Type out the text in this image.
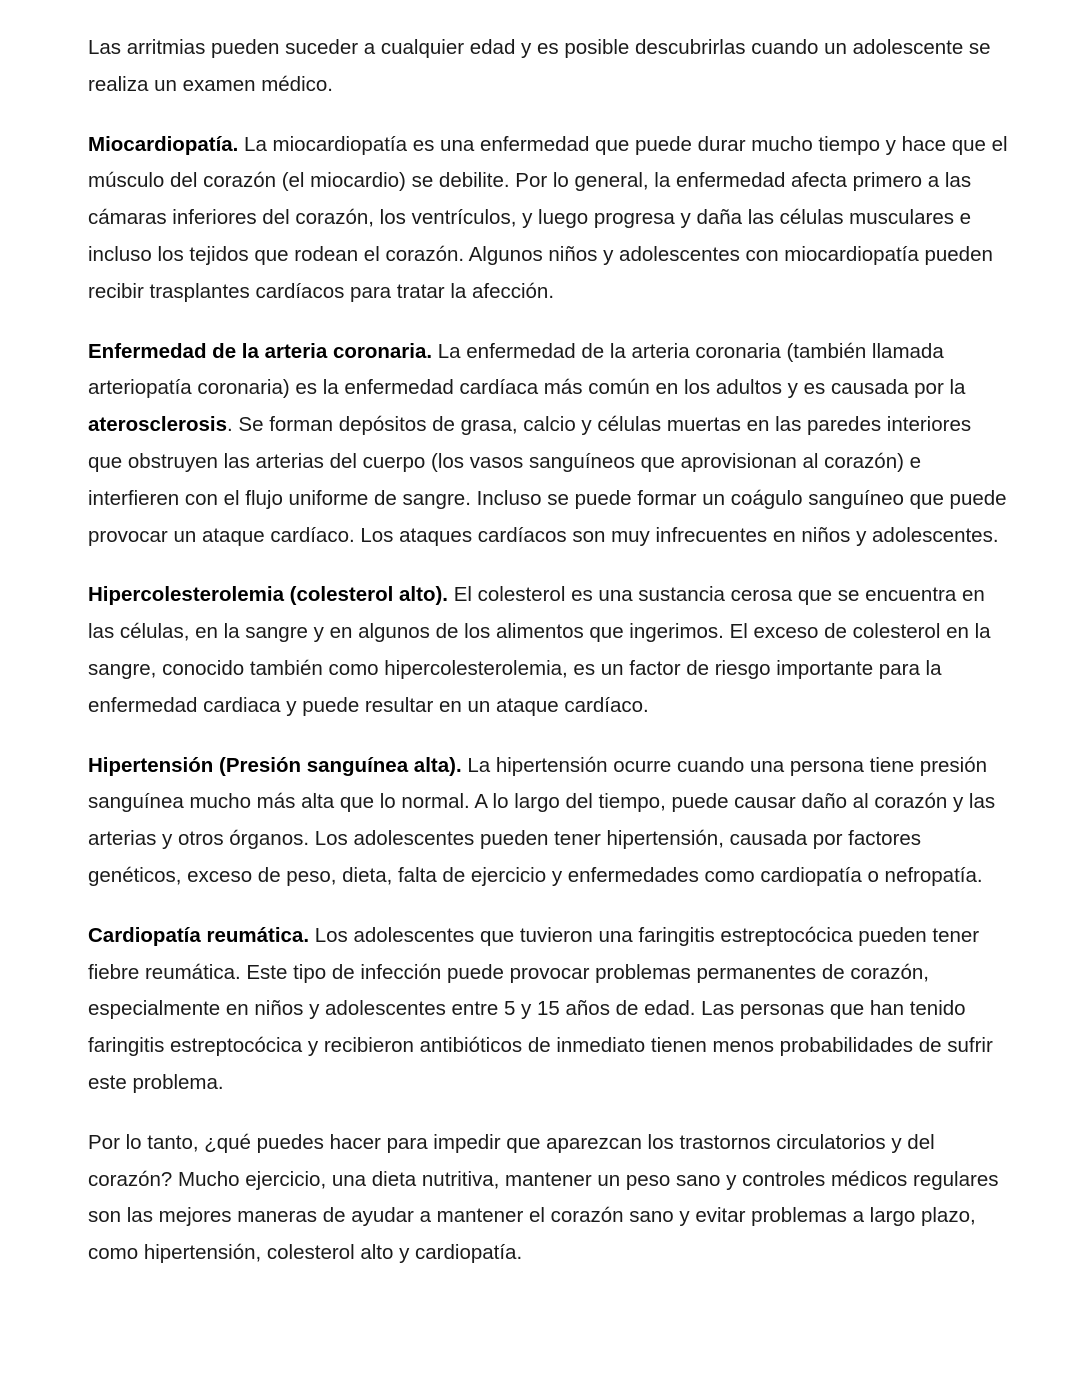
Las arritmias pueden suceder a cualquier edad y es posible descubrirlas cuando un adolescente se realiza un examen médico.

Miocardiopatía. La miocardiopatía es una enfermedad que puede durar mucho tiempo y hace que el músculo del corazón (el miocardio) se debilite. Por lo general, la enfermedad afecta primero a las cámaras inferiores del corazón, los ventrículos, y luego progresa y daña las células musculares e incluso los tejidos que rodean el corazón. Algunos niños y adolescentes con miocardiopatía pueden recibir trasplantes cardíacos para tratar la afección.

Enfermedad de la arteria coronaria. La enfermedad de la arteria coronaria (también llamada arteriopatía coronaria) es la enfermedad cardíaca más común en los adultos y es causada por la aterosclerosis. Se forman depósitos de grasa, calcio y células muertas en las paredes interiores que obstruyen las arterias del cuerpo (los vasos sanguíneos que aprovisionan al corazón) e interfieren con el flujo uniforme de sangre. Incluso se puede formar un coágulo sanguíneo que puede provocar un ataque cardíaco. Los ataques cardíacos son muy infrecuentes en niños y adolescentes.

Hipercolesterolemia (colesterol alto). El colesterol es una sustancia cerosa que se encuentra en las células, en la sangre y en algunos de los alimentos que ingerimos. El exceso de colesterol en la sangre, conocido también como hipercolesterolemia, es un factor de riesgo importante para la enfermedad cardiaca y puede resultar en un ataque cardíaco.

Hipertensión (Presión sanguínea alta). La hipertensión ocurre cuando una persona tiene presión sanguínea mucho más alta que lo normal. A lo largo del tiempo, puede causar daño al corazón y las arterias y otros órganos. Los adolescentes pueden tener hipertensión, causada por factores genéticos, exceso de peso, dieta, falta de ejercicio y enfermedades como cardiopatía o nefropatía.

Cardiopatía reumática. Los adolescentes que tuvieron una faringitis estreptocócica pueden tener fiebre reumática. Este tipo de infección puede provocar problemas permanentes de corazón, especialmente en niños y adolescentes entre 5 y 15 años de edad. Las personas que han tenido faringitis estreptocócica y recibieron antibióticos de inmediato tienen menos probabilidades de sufrir este problema.

Por lo tanto, ¿qué puedes hacer para impedir que aparezcan los trastornos circulatorios y del corazón? Mucho ejercicio, una dieta nutritiva, mantener un peso sano y controles médicos regulares son las mejores maneras de ayudar a mantener el corazón sano y evitar problemas a largo plazo, como hipertensión, colesterol alto y cardiopatía.
